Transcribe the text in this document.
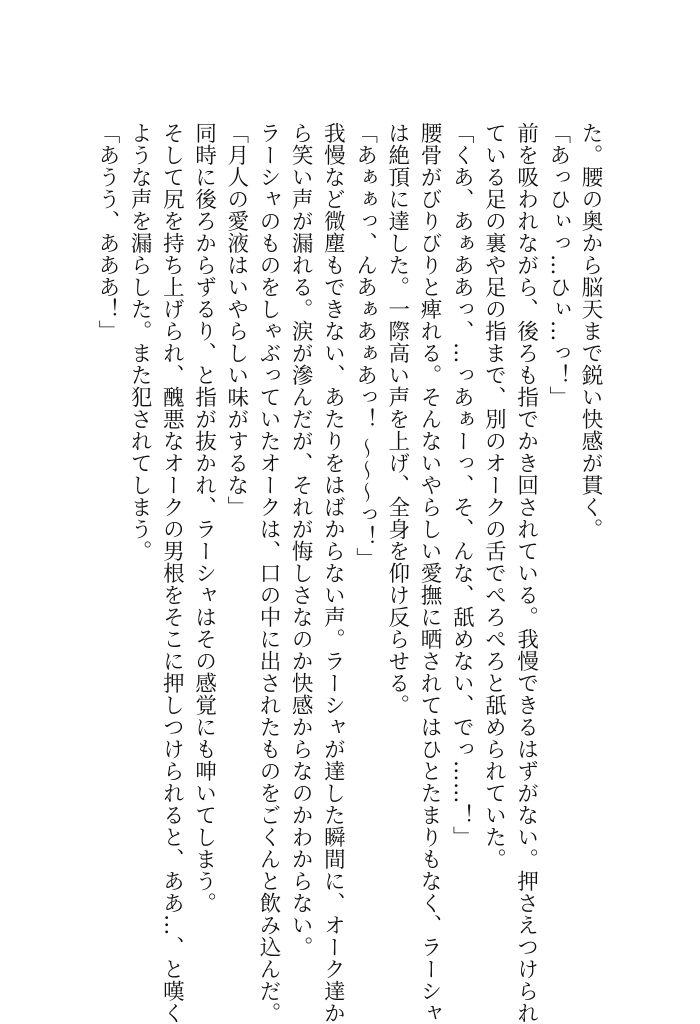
た。腰の奥から脳天まで鋭い快感が貫く。
「あっひぃっ…ひぃ…っ！」
前を吸われながら、後ろも指でかき回されている。我慢できるはずがない。押さえつけられ
ている足の裏や足の指まで、別のオークの舌でぺろぺろと舐められていた。
「くあ、あぁああっ、…っあぁーっ、そ、んな、舐めない、でっ……！」
腰骨がびりびりと痺れる。そんないやらしい愛撫に晒されてはひとたまりもなく、ラーシャ
は絶頂に達した。一際高い声を上げ、全身を仰け反らせる。
「あぁぁっ、んあぁあぁあっ！ ～～～っ！」
我慢など微塵もできない、あたりをはばからない声。ラーシャが達した瞬間に、オーク達か
ら笑い声が漏れる。涙が滲んだが、それが悔しさなのか快感からなのかわからない。
ラーシャのものをしゃぶっていたオークは、口の中に出されたものをごくんと飲み込んだ。
「月人の愛液はいやらしい味がするな」
同時に後ろからずるり、と指が抜かれ、ラーシャはその感覚にも呻いてしまう。
そして尻を持ち上げられ、醜悪なオークの男根をそこに押しつけられると、ああ…、と嘆く
ような声を漏らした。また犯されてしまう。
「あうう、あああ！」
